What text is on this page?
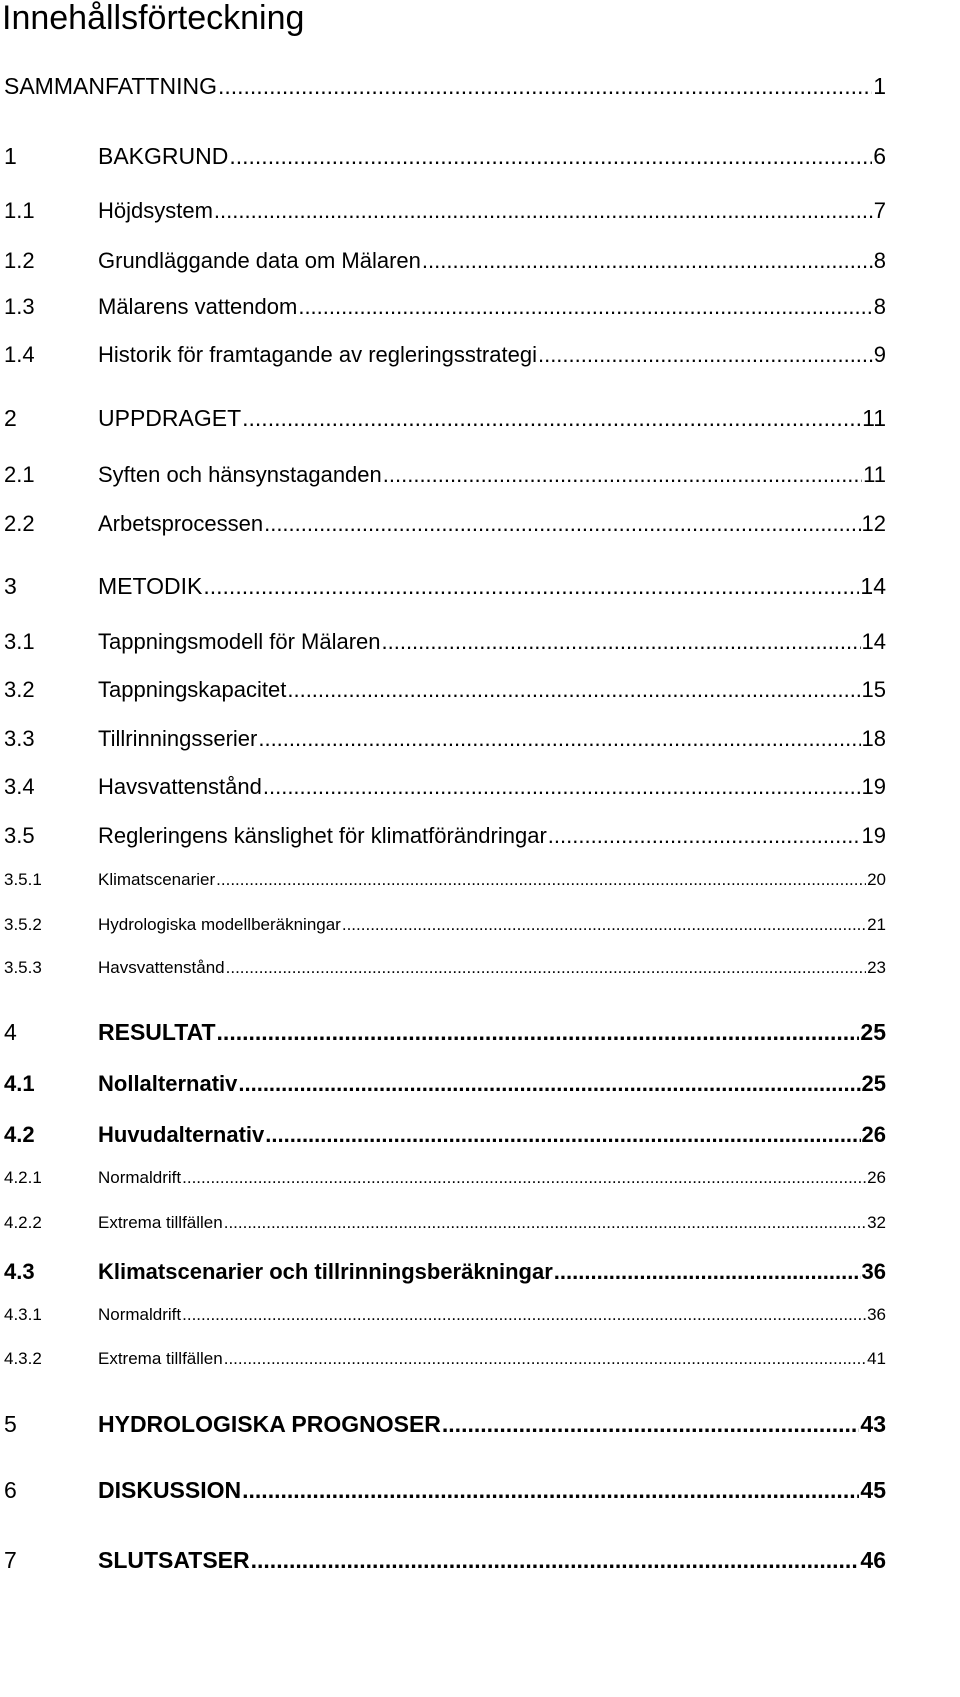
Innehållsförteckning
SAMMANFATTNING .....	1
1	BAKGRUND .....	6
1.1	Höjdsystem .....	7
1.2	Grundläggande data om Mälaren .....	8
1.3	Mälarens vattendom .....	8
1.4	Historik för framtagande av regleringsstrategi .....	9
2	UPPDRAGET .....	11
2.1	Syften och hänsynstaganden .....	11
2.2	Arbetsprocessen .....	12
3	METODIK .....	14
3.1	Tappningsmodell för Mälaren .....	14
3.2	Tappningskapacitet .....	15
3.3	Tillrinningsserier .....	18
3.4	Havsvattenstånd .....	19
3.5	Regleringens känslighet för klimatförändringar .....	19
3.5.1	Klimatscenarier .....	20
3.5.2	Hydrologiska modellberäkningar .....	21
3.5.3	Havsvattenstånd .....	23
4	RESULTAT .....	25
4.1	Nollalternativ .....	25
4.2	Huvudalternativ .....	26
4.2.1	Normaldrift .....	26
4.2.2	Extrema tillfällen .....	32
4.3	Klimatscenarier och tillrinningsberäkningar .....	36
4.3.1	Normaldrift .....	36
4.3.2	Extrema tillfällen .....	41
5	HYDROLOGISKA PROGNOSER .....	43
6	DISKUSSION .....	45
7	SLUTSATSER .....	46
